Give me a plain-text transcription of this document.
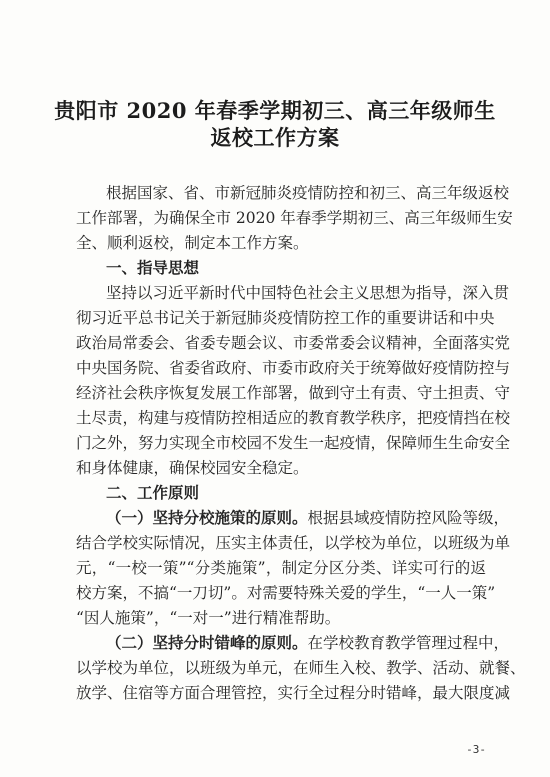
贵阳市 2020 年春季学期初三、高三年级师生
返校工作方案
根据国家、省、市新冠肺炎疫情防控和初三、高三年级返校
工作部署，为确保全市 2020 年春季学期初三、高三年级师生安
全、顺利返校，制定本工作方案。
一、指导思想
坚持以习近平新时代中国特色社会主义思想为指导，深入贯
彻习近平总书记关于新冠肺炎疫情防控工作的重要讲话和中央
政治局常委会、省委专题会议、市委常委会议精神，全面落实党
中央国务院、省委省政府、市委市政府关于统筹做好疫情防控与
经济社会秩序恢复发展工作部署，做到守土有责、守土担责、守
土尽责，构建与疫情防控相适应的教育教学秩序，把疫情挡在校
门之外，努力实现全市校园不发生一起疫情，保障师生生命安全
和身体健康，确保校园安全稳定。
二、工作原则
（一）坚持分校施策的原则。根据县域疫情防控风险等级，
结合学校实际情况，压实主体责任，以学校为单位，以班级为单
元，“一校一策”“分类施策”，制定分区分类、详实可行的返
校方案，不搞“一刀切”。对需要特殊关爱的学生，“一人一策”
“因人施策”，“一对一”进行精准帮助。
（二）坚持分时错峰的原则。在学校教育教学管理过程中，
以学校为单位，以班级为单元，在师生入校、教学、活动、就餐、
放学、住宿等方面合理管控，实行全过程分时错峰，最大限度减
-3-
